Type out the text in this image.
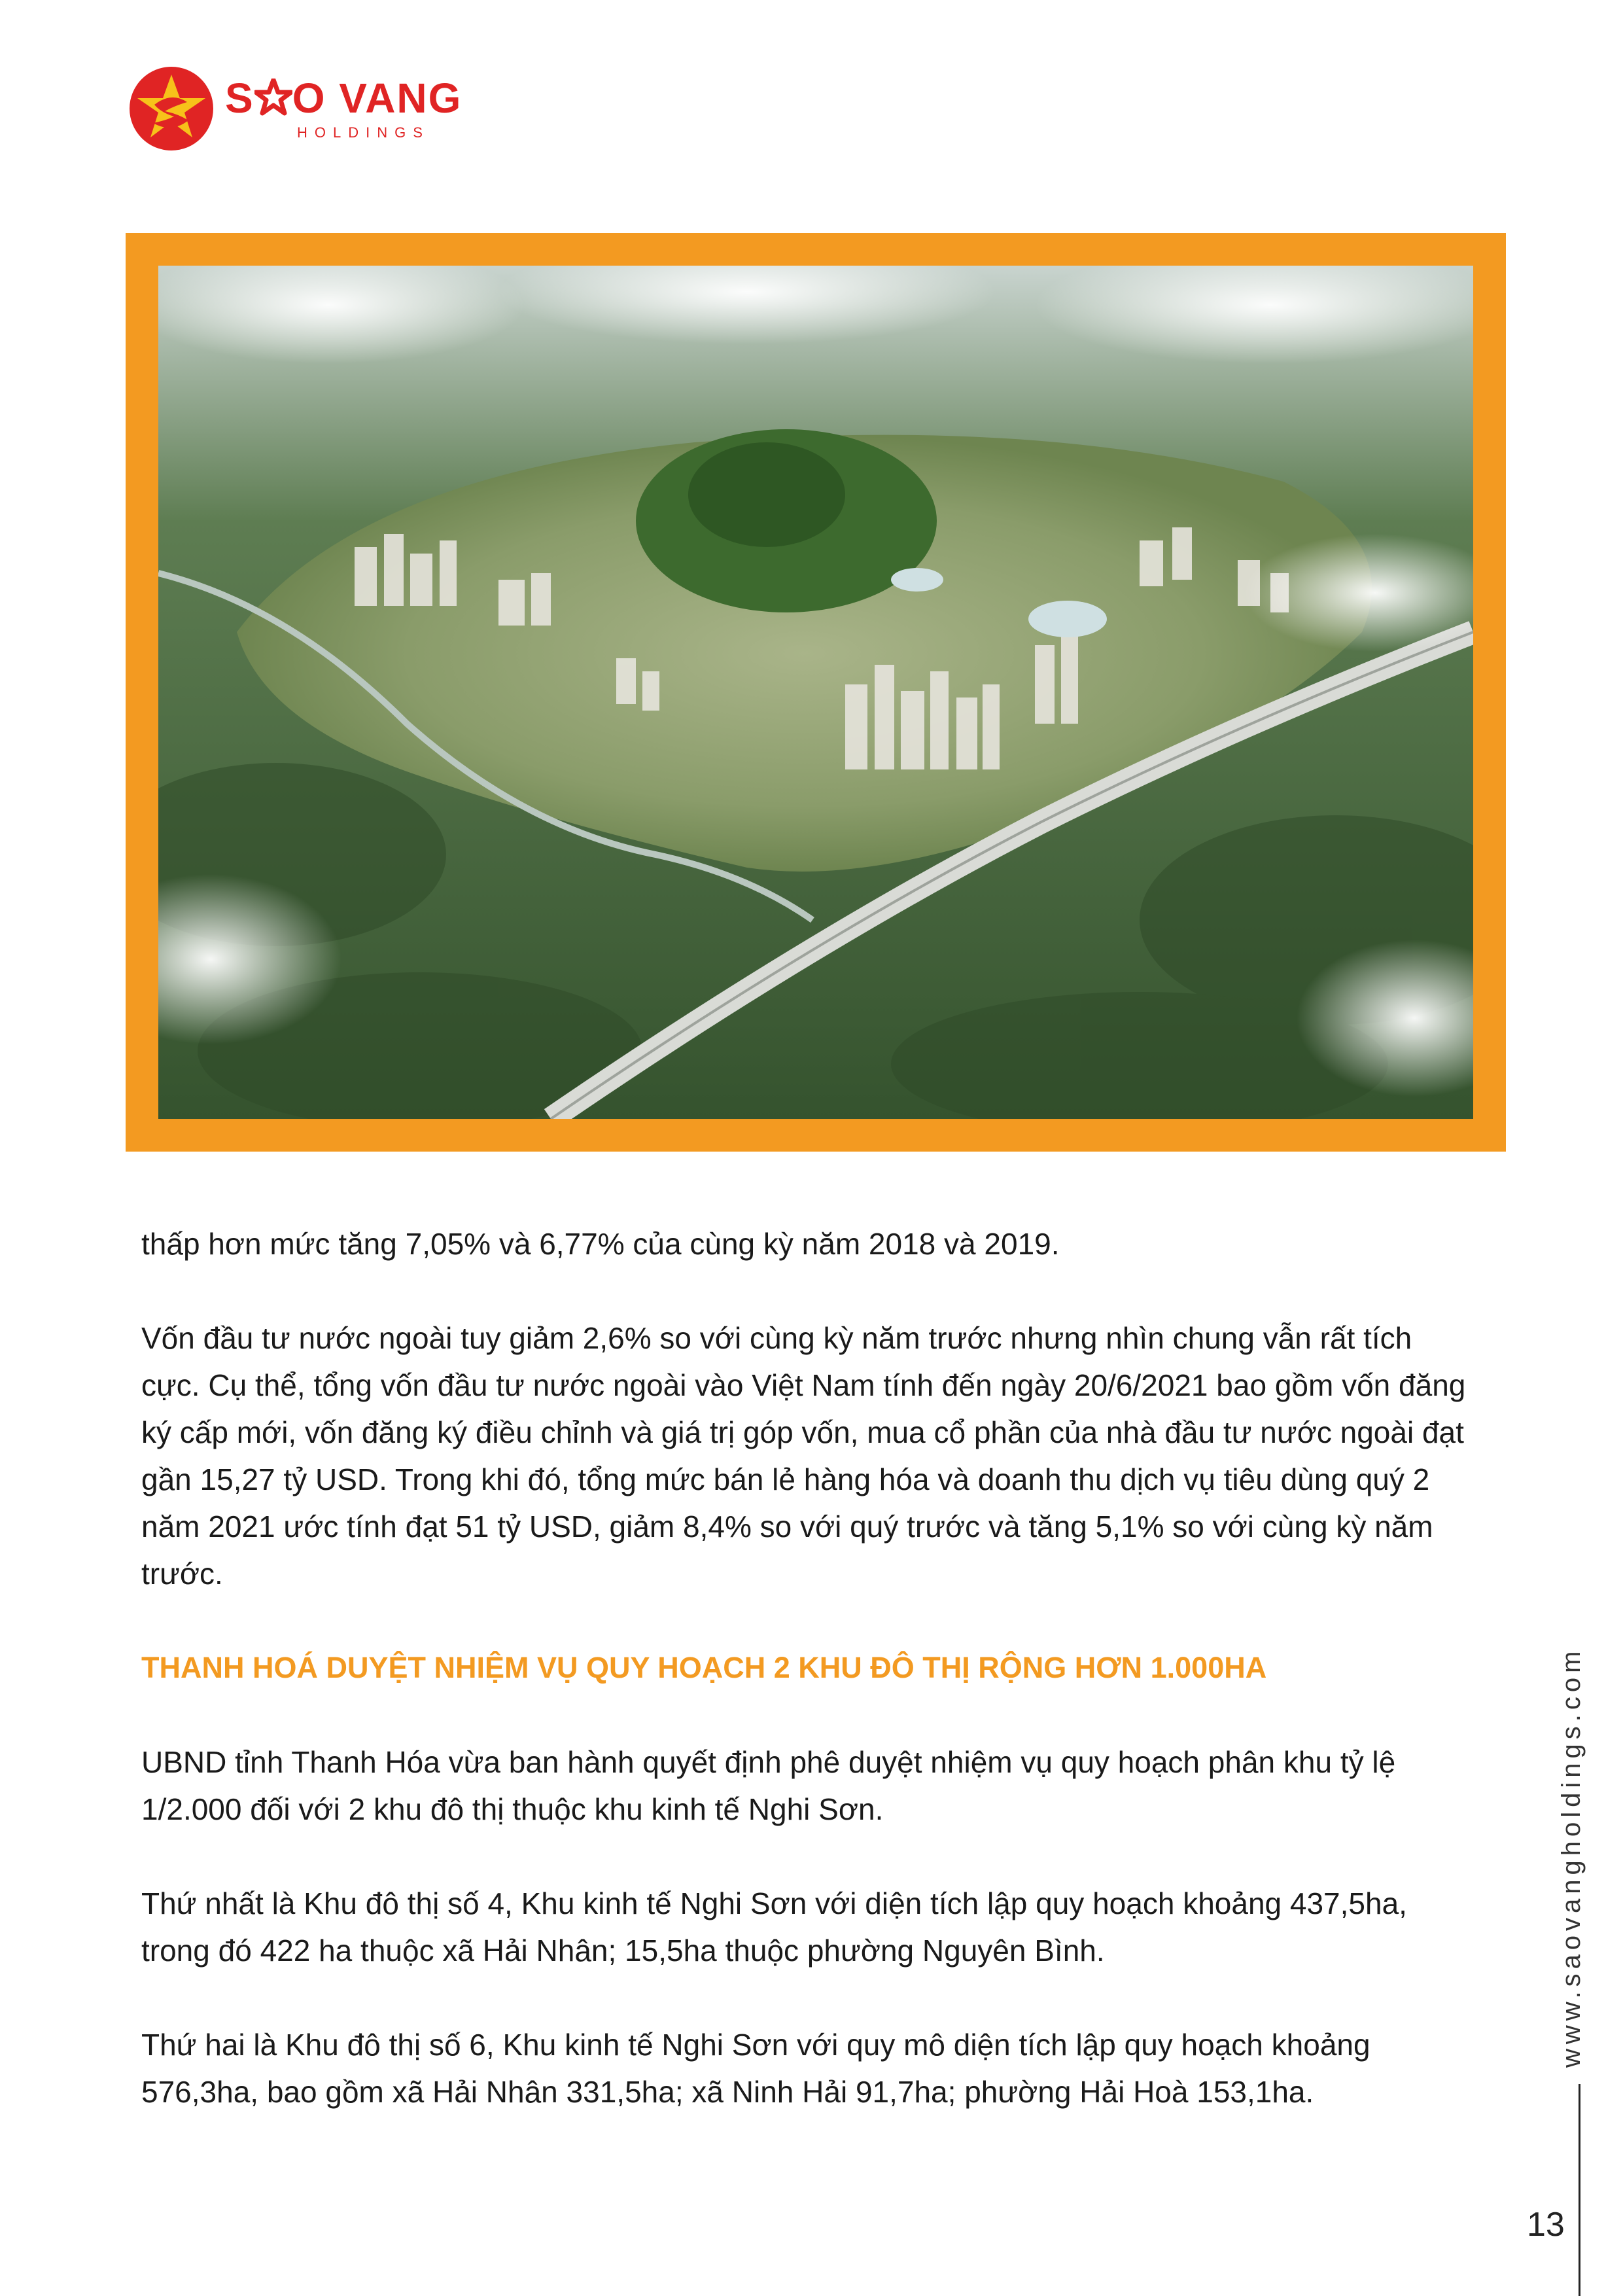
S O VANG
HOLDINGS

thấp hơn mức tăng 7,05% và 6,77% của cùng kỳ năm 2018 và 2019.

Vốn đầu tư nước ngoài tuy giảm 2,6% so với cùng kỳ năm trước nhưng nhìn chung vẫn rất tích cực. Cụ thể, tổng vốn đầu tư nước ngoài vào Việt Nam tính đến ngày 20/6/2021 bao gồm vốn đăng ký cấp mới, vốn đăng ký điều chỉnh và giá trị góp vốn, mua cổ phần của nhà đầu tư nước ngoài đạt gần 15,27 tỷ USD. Trong khi đó, tổng mức bán lẻ hàng hóa và doanh thu dịch vụ tiêu dùng quý 2 năm 2021 ước tính đạt 51 tỷ USD, giảm 8,4% so với quý trước và tăng 5,1% so với cùng kỳ năm trước.

THANH HOÁ DUYỆT NHIỆM VỤ QUY HOẠCH 2 KHU ĐÔ THỊ RỘNG HƠN 1.000HA

UBND tỉnh Thanh Hóa vừa ban hành quyết định phê duyệt nhiệm vụ quy hoạch phân khu tỷ lệ 1/2.000 đối với 2 khu đô thị thuộc khu kinh tế Nghi Sơn.

Thứ nhất là Khu đô thị số 4, Khu kinh tế Nghi Sơn với diện tích lập quy hoạch khoảng 437,5ha, trong đó 422 ha thuộc xã Hải Nhân; 15,5ha thuộc phường Nguyên Bình.

Thứ hai là Khu đô thị số 6, Khu kinh tế Nghi Sơn với quy mô diện tích lập quy hoạch khoảng 576,3ha, bao gồm xã Hải Nhân 331,5ha; xã Ninh Hải 91,7ha; phường Hải Hoà 153,1ha.

www.saovangholdings.com
13
